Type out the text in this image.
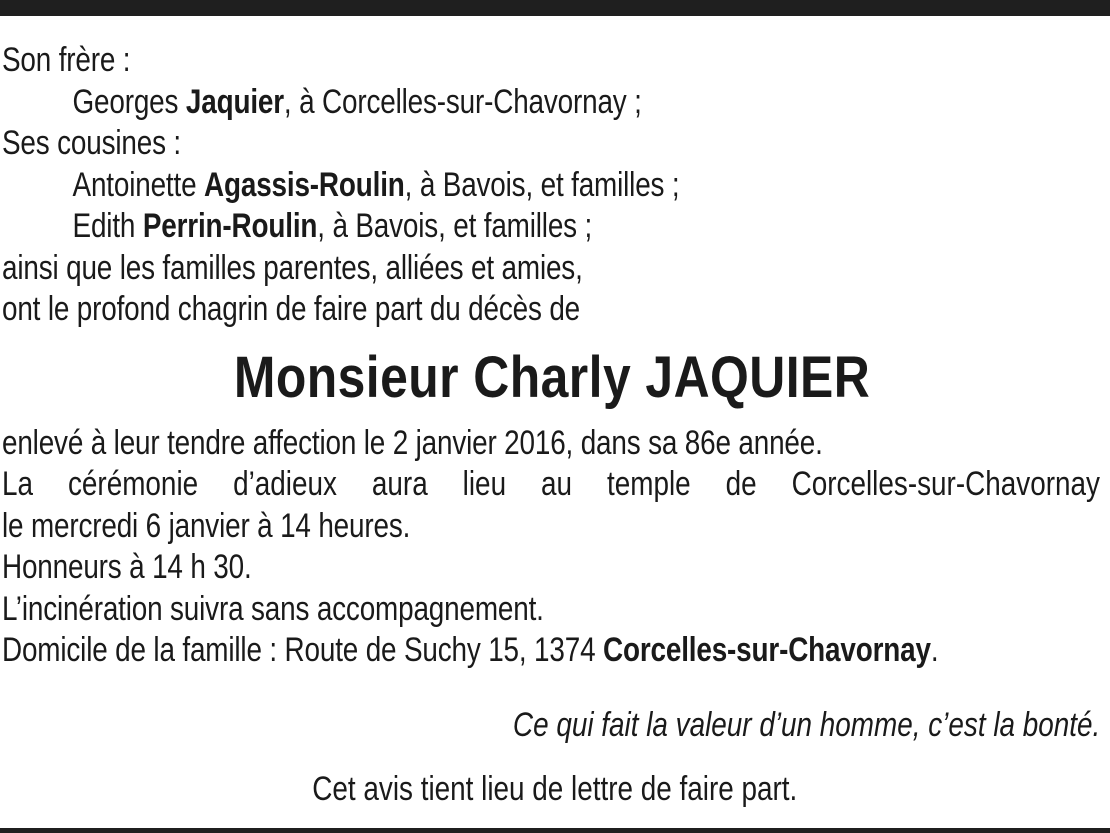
Son frère :
Georges Jaquier, à Corcelles-sur-Chavornay ;
Ses cousines :
Antoinette Agassis-Roulin, à Bavois, et familles ;
Edith Perrin-Roulin, à Bavois, et familles ;
ainsi que les familles parentes, alliées et amies,
ont le profond chagrin de faire part du décès de
Monsieur Charly JAQUIER
enlevé à leur tendre affection le 2 janvier 2016, dans sa 86e année.
La cérémonie d’adieux aura lieu au temple de Corcelles-sur-Chavornay
le mercredi 6 janvier à 14 heures.
Honneurs à 14 h 30.
L’incinération suivra sans accompagnement.
Domicile de la famille : Route de Suchy 15, 1374 Corcelles-sur-Chavornay.
Ce qui fait la valeur d’un homme, c’est la bonté.
Cet avis tient lieu de lettre de faire part.
